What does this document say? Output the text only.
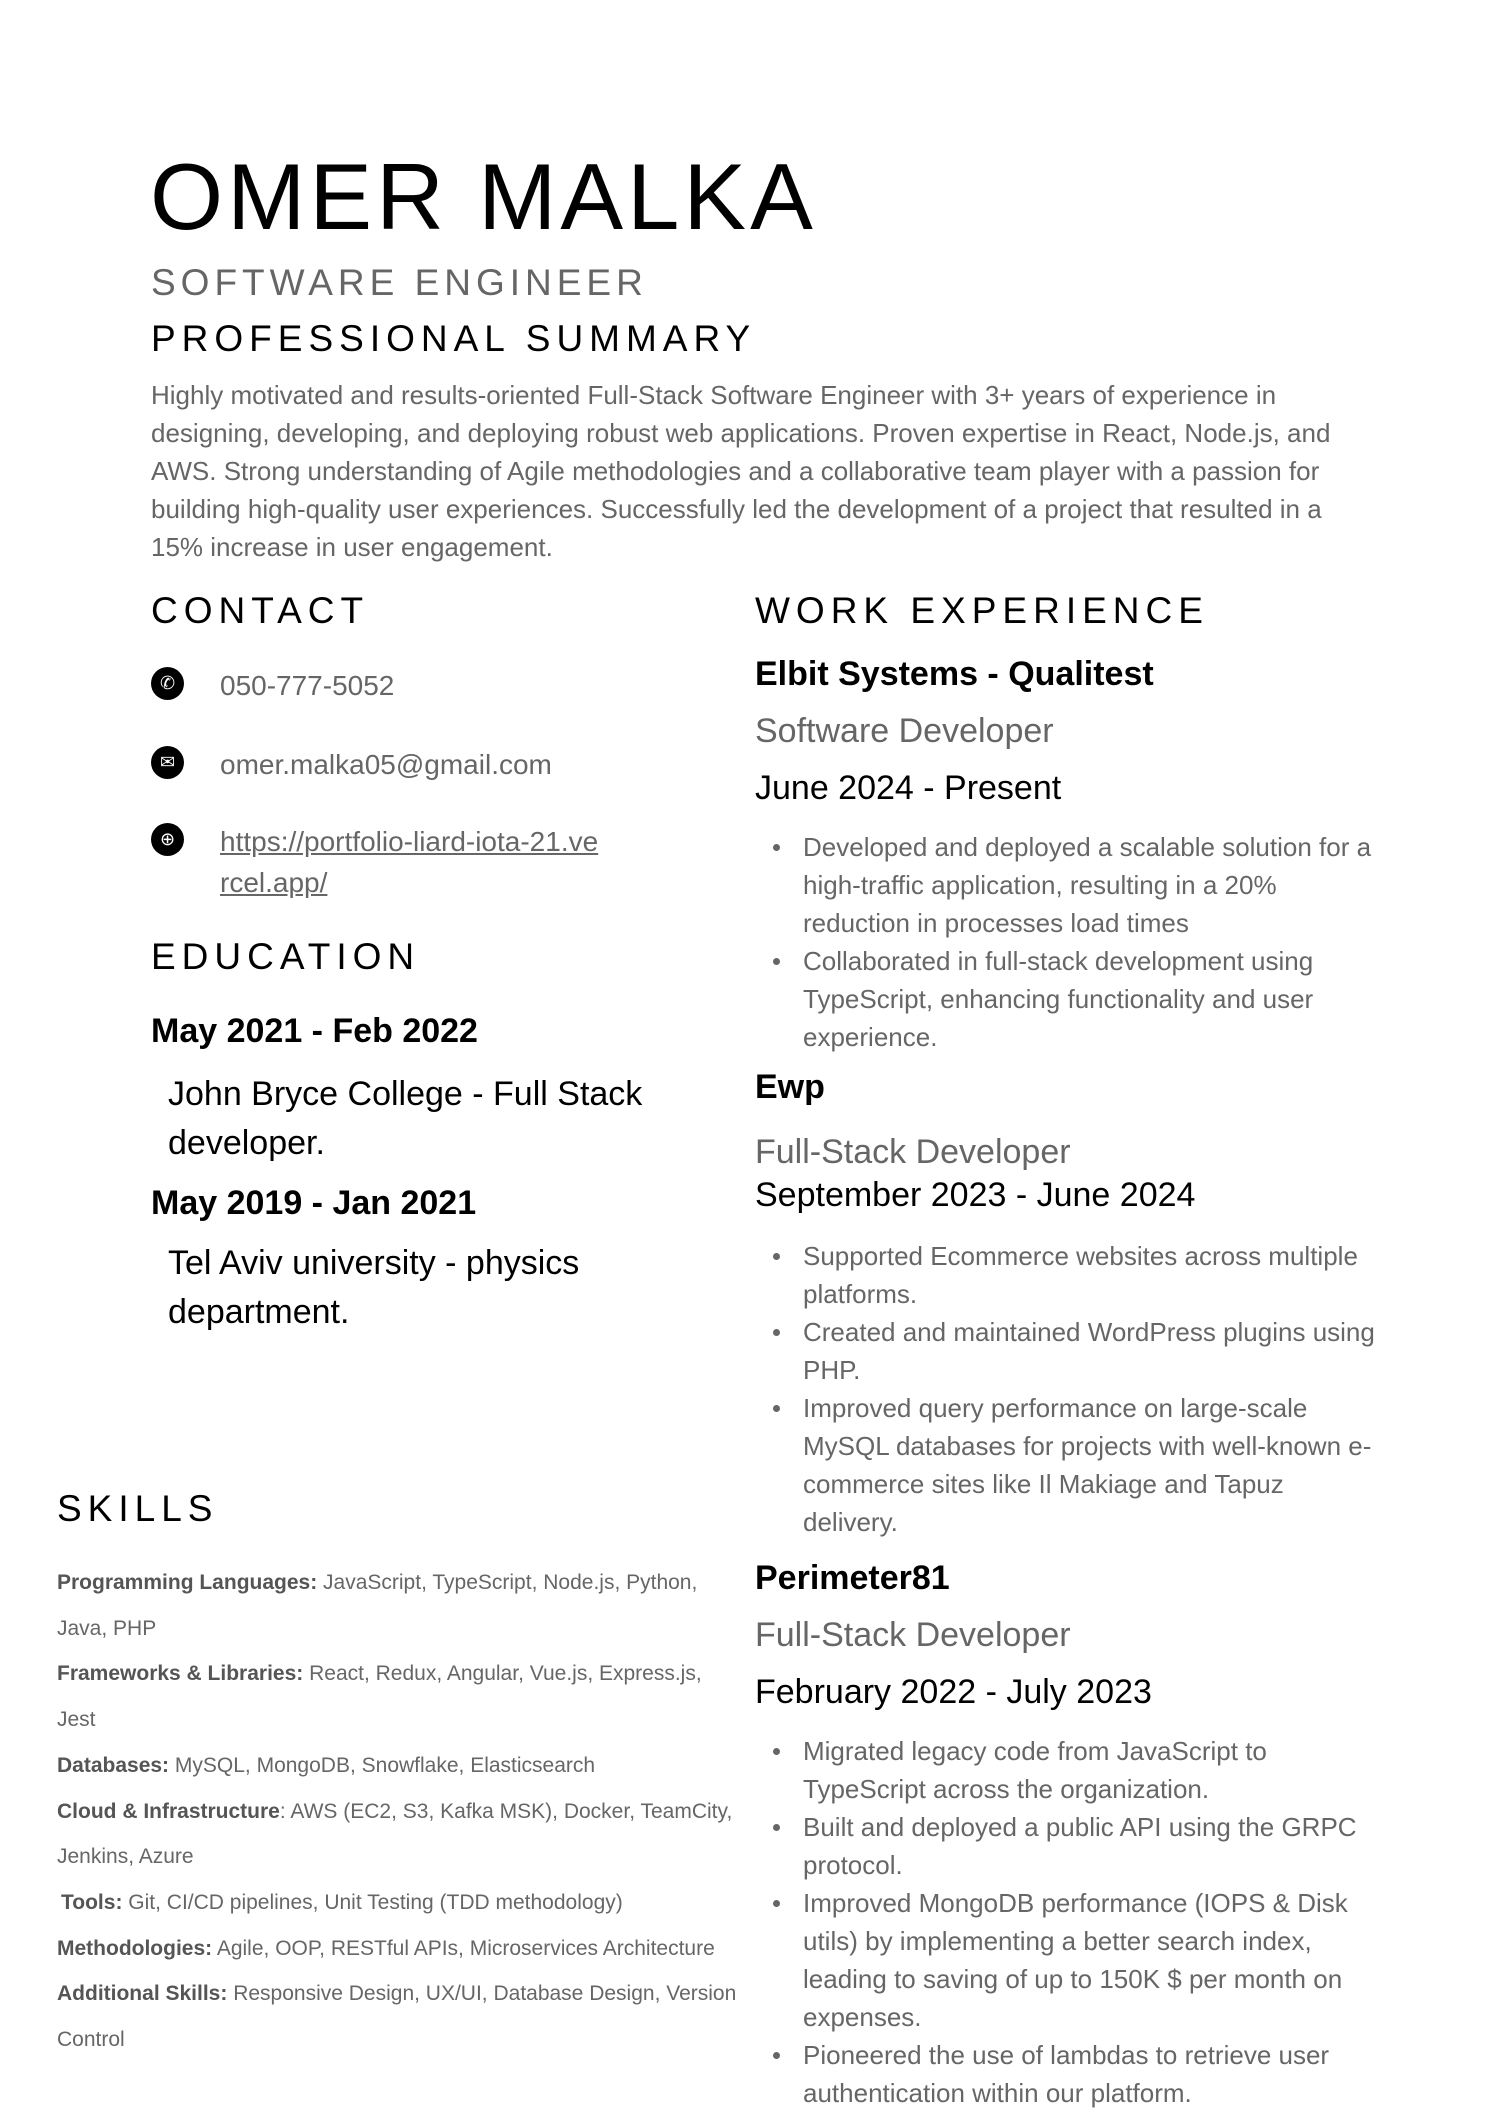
OMER MALKA
SOFTWARE ENGINEER
PROFESSIONAL SUMMARY
Highly motivated and results-oriented Full-Stack Software Engineer with 3+ years of experience in designing, developing, and deploying robust web applications. Proven expertise in React, Node.js, and AWS. Strong understanding of Agile methodologies and a collaborative team player with a passion for building high-quality user experiences. Successfully led the development of a project that resulted in a 15% increase in user engagement.
CONTACT
✆	050-777-5052
✉	omer.malka05@gmail.com
⊕	https://portfolio-liard-iota-21.vercel.app/
EDUCATION
May 2021 - Feb 2022
John Bryce College - Full Stack developer.
May 2019 - Jan 2021
Tel Aviv university - physics department.
SKILLS
Programming Languages: JavaScript, TypeScript, Node.js, Python, Java, PHP
Frameworks & Libraries: React, Redux, Angular, Vue.js, Express.js, Jest
Databases: MySQL, MongoDB, Snowflake, Elasticsearch
Cloud & Infrastructure: AWS (EC2, S3, Kafka MSK), Docker, TeamCity, Jenkins, Azure
Tools: Git, CI/CD pipelines, Unit Testing (TDD methodology)
Methodologies: Agile, OOP, RESTful APIs, Microservices Architecture
Additional Skills: Responsive Design, UX/UI, Database Design, Version Control
WORK EXPERIENCE
Elbit Systems - Qualitest
Software Developer
June 2024 - Present
Developed and deployed a scalable solution for a high-traffic application, resulting in a 20% reduction in processes load times
Collaborated in full-stack development using TypeScript, enhancing functionality and user experience.
Ewp
Full-Stack Developer
September 2023 - June 2024
Supported Ecommerce websites across multiple platforms.
Created and maintained WordPress plugins using PHP.
Improved query performance on large-scale MySQL databases for projects with well-known e-commerce sites like Il Makiage and Tapuz delivery.
Perimeter81
Full-Stack Developer
February 2022 - July 2023
Migrated legacy code from JavaScript to TypeScript across the organization.
Built and deployed a public API using the GRPC protocol.
Improved MongoDB performance (IOPS & Disk utils) by implementing a better search index, leading to saving of up to 150K $ per month on expenses.
Pioneered the use of lambdas to retrieve user authentication within our platform.
